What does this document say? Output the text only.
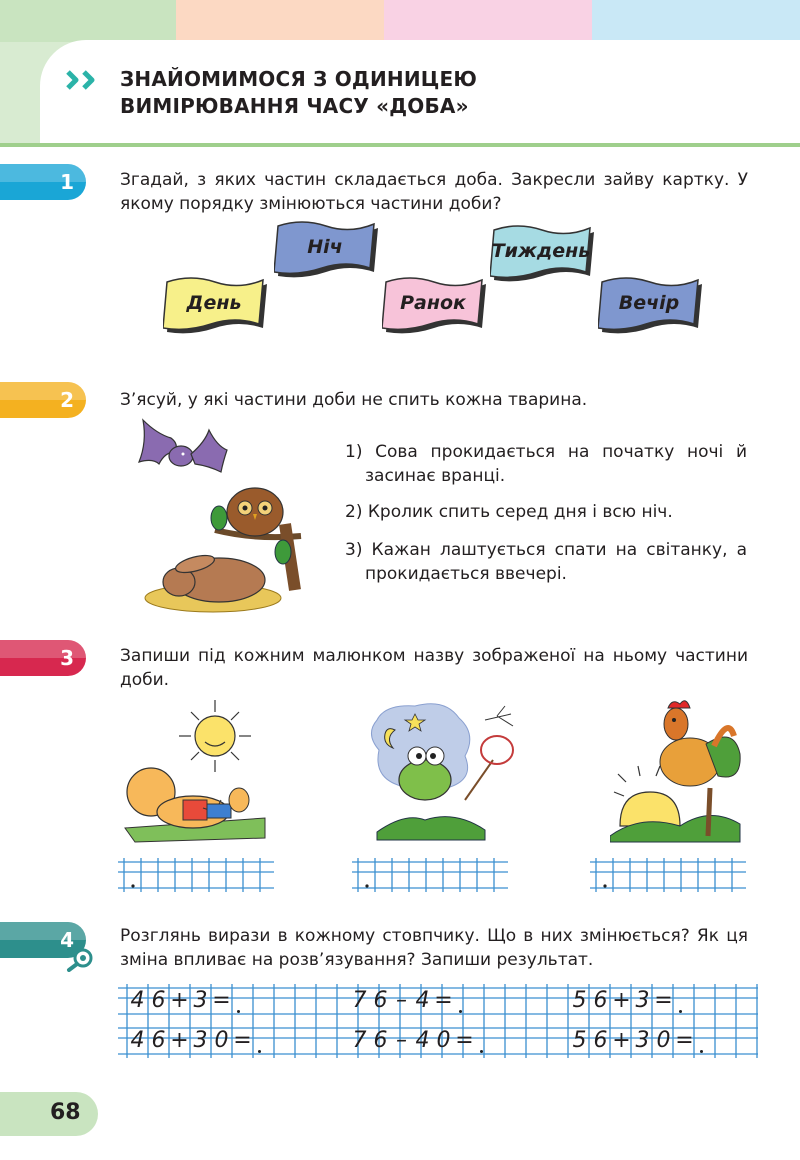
ЗНАЙОМИМОСЯ З ОДИНИЦЕЮ
ВИМІРЮВАННЯ ЧАСУ «ДОБА»
1	Згадай, з яких частин складається доба. Закресли зайву картку. У якому порядку змінюються частини доби?
День
Ніч
Ранок
Тиждень
Вечір
2	З’ясуй, у які частини доби не спить кожна тварина.
1) Сова прокидається на початку ночі й засинає вранці.
2) Кролик спить серед дня і всю ніч.
3) Кажан лаштується спати на світанку, а прокидається ввечері.
3	Запиши під кожним малюнком назву зображеної на ньому частини доби.
4	Розглянь вирази в кожному стовпчику. Що в них змінюється? Як ця зміна впливає на розв’язування? Запиши результат.
4 6 + 3 =	7 6 – 4 =	5 6 + 3 =
4 6 + 3 0 =	7 6 – 4 0 =	5 6 + 3 0 =
68
